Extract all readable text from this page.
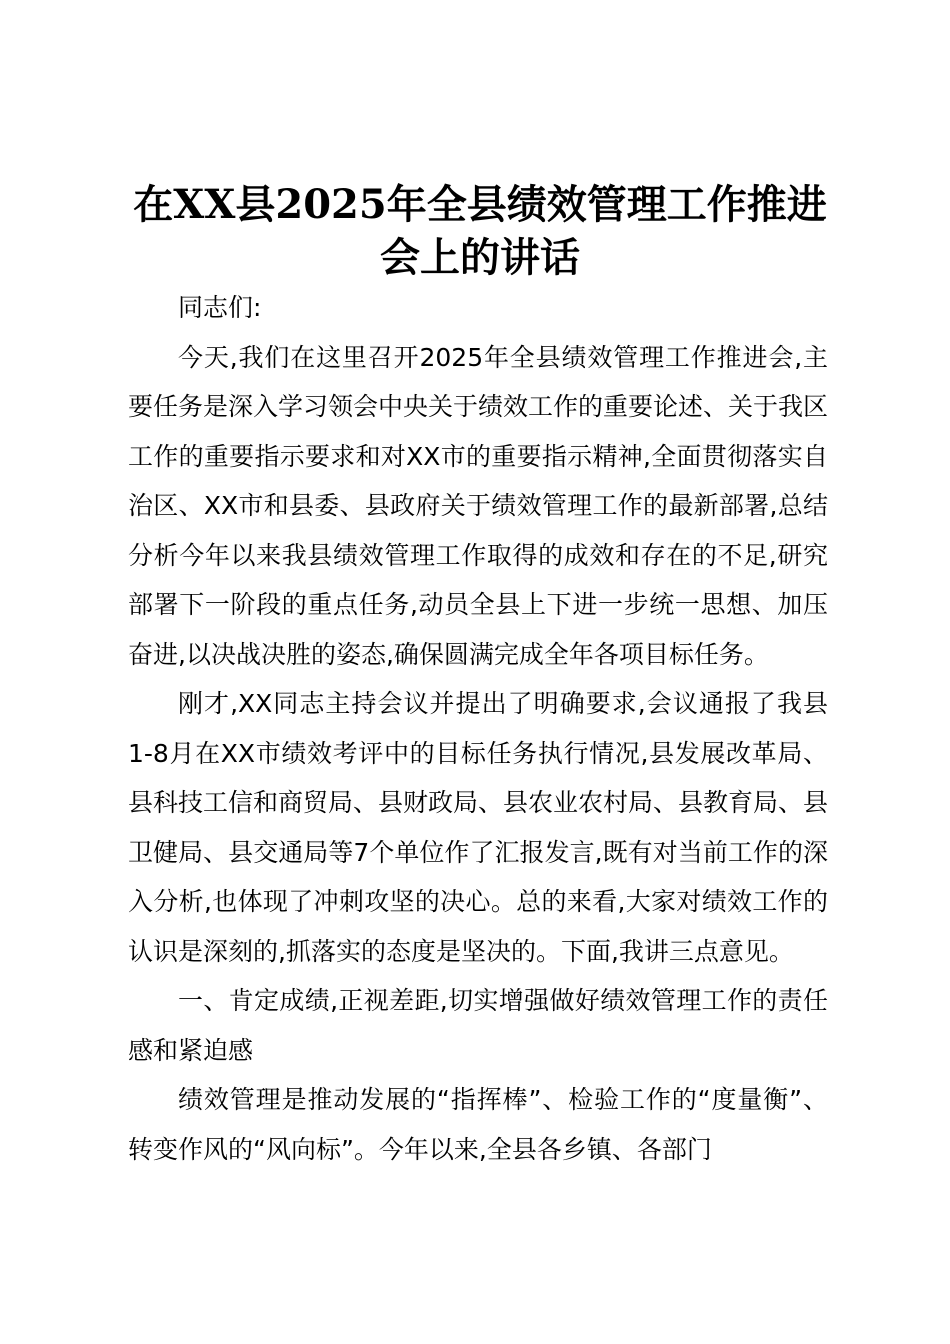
在XX县2025年全县绩效管理工作推进会上的讲话

同志们:

今天,我们在这里召开2025年全县绩效管理工作推进会,主要任务是深入学习领会中央关于绩效工作的重要论述、关于我区工作的重要指示要求和对XX市的重要指示精神,全面贯彻落实自治区、XX市和县委、县政府关于绩效管理工作的最新部署,总结分析今年以来我县绩效管理工作取得的成效和存在的不足,研究部署下一阶段的重点任务,动员全县上下进一步统一思想、加压奋进,以决战决胜的姿态,确保圆满完成全年各项目标任务。

刚才,XX同志主持会议并提出了明确要求,会议通报了我县1-8月在XX市绩效考评中的目标任务执行情况,县发展改革局、县科技工信和商贸局、县财政局、县农业农村局、县教育局、县卫健局、县交通局等7个单位作了汇报发言,既有对当前工作的深入分析,也体现了冲刺攻坚的决心。总的来看,大家对绩效工作的认识是深刻的,抓落实的态度是坚决的。下面,我讲三点意见。

一、肯定成绩,正视差距,切实增强做好绩效管理工作的责任感和紧迫感

绩效管理是推动发展的“指挥棒”、检验工作的“度量衡”、转变作风的“风向标”。今年以来,全县各乡镇、各部门
